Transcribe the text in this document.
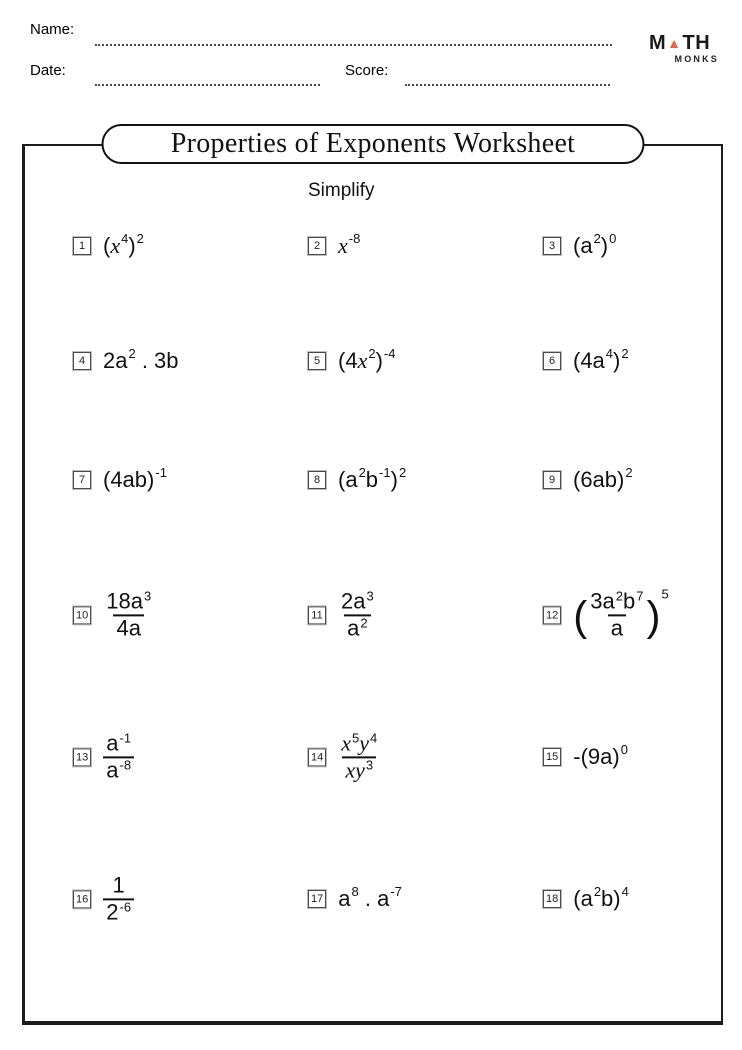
Name:
Date:	Score:
M ▲ TH
MONKS
Properties of Exponents Worksheet
Simplify
1 ( x 4 ) 2
2 x -8
3 (a 2 ) 0
4 2a 2 . 3b	5 (4 x 2 ) -4
6 (4a 4 ) 2
7 (4ab) -1
8 (a 2 b -1 ) 2
9 (6ab) 2
$10 \frac{18a^3}{4a}$	$11 \frac{2a^3}{a^2}$	12 ( $\frac{3a^2b^7}{a}$ ) 5
$13 \frac{a^{-1}}{a^{-8}}$	$14 \frac{x^5y^4}{xy^3}$	15 -(9a) 0
$16 \frac{1}{2^{-6}}$	17 a 8 . a -7
18 (a 2 b) 4
